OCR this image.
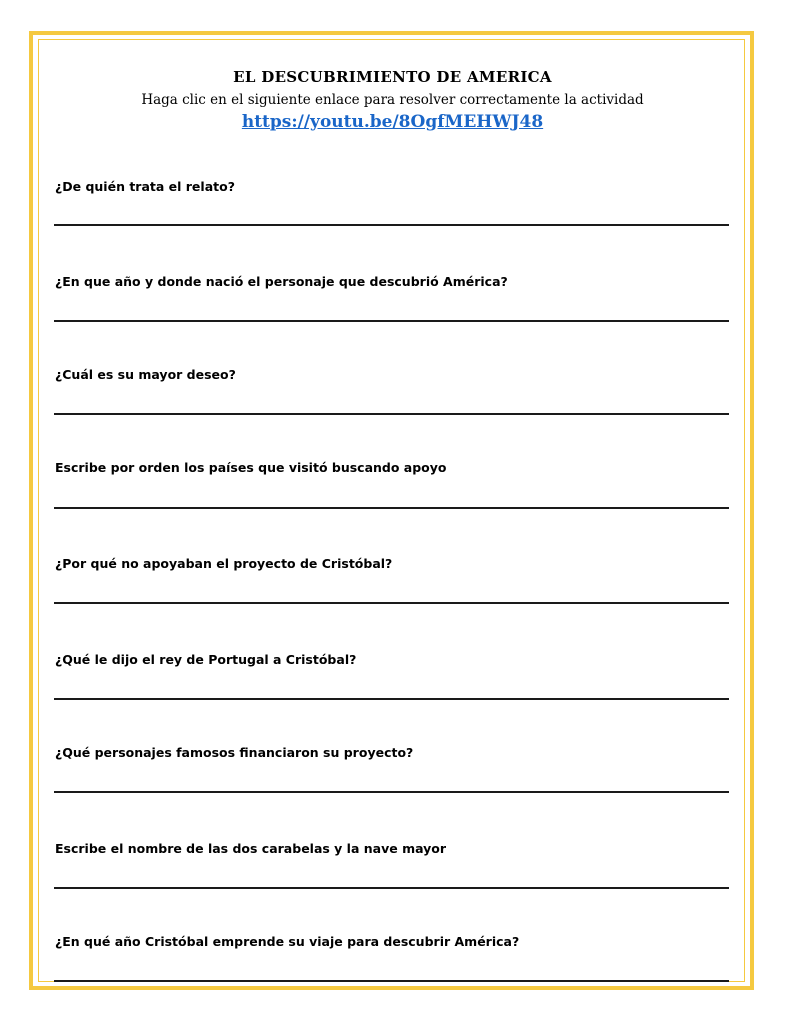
EL DESCUBRIMIENTO DE AMERICA
Haga clic en el siguiente enlace para resolver correctamente la actividad
https://youtu.be/8OgfMEHWJ48
¿De quién trata el relato?
¿En que año y donde nació el personaje que descubrió América?
¿Cuál es su mayor deseo?
Escribe por orden los países que visitó buscando apoyo
¿Por qué no apoyaban el proyecto de Cristóbal?
¿Qué le dijo el rey de Portugal a Cristóbal?
¿Qué personajes famosos financiaron su proyecto?
Escribe el nombre de las dos carabelas y la nave mayor
¿En qué año Cristóbal emprende su viaje para descubrir América?
